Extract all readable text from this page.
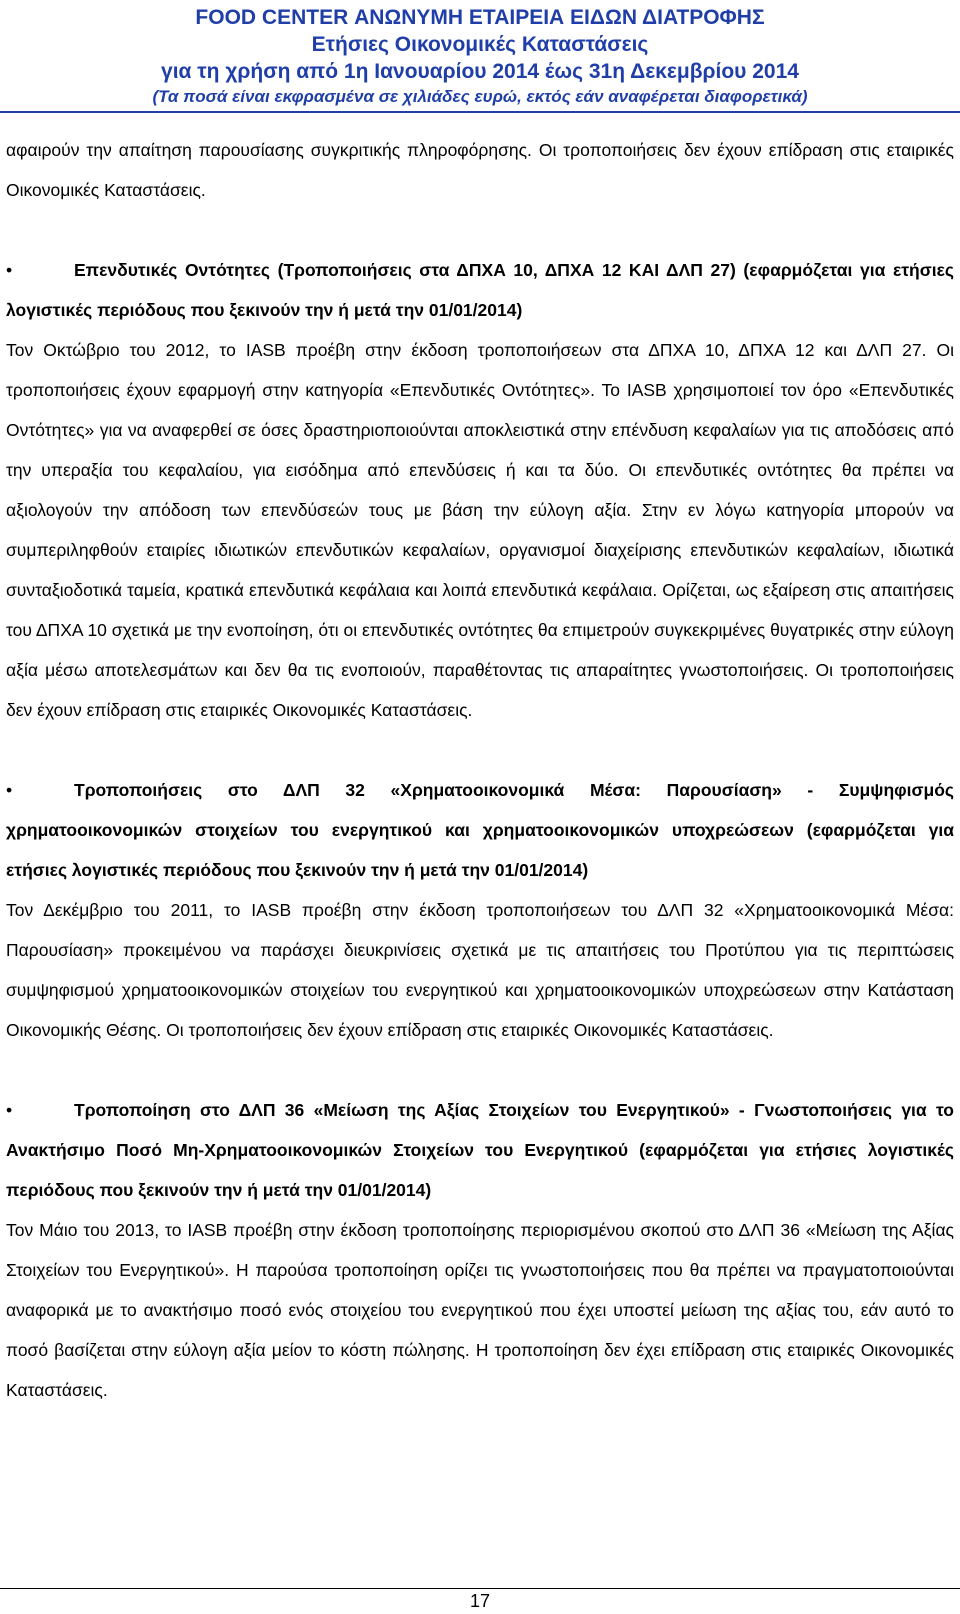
FOOD CENTER ΑΝΩΝΥΜΗ ΕΤΑΙΡΕΙΑ ΕΙΔΩΝ ΔΙΑΤΡΟΦΗΣ
Ετήσιες Οικονομικές Καταστάσεις
για τη χρήση από 1η Ιανουαρίου 2014 έως 31η Δεκεμβρίου 2014
(Τα ποσά είναι εκφρασμένα σε χιλιάδες ευρώ, εκτός εάν αναφέρεται διαφορετικά)

αφαιρούν την απαίτηση παρουσίασης συγκριτικής πληροφόρησης. Οι τροποποιήσεις δεν έχουν επίδραση στις εταιρικές Οικονομικές Καταστάσεις.

•	Επενδυτικές Οντότητες (Τροποποιήσεις στα ΔΠΧΑ 10, ΔΠΧΑ 12 ΚΑΙ ΔΛΠ 27) (εφαρμόζεται για ετήσιες λογιστικές περιόδους που ξεκινούν την ή μετά την 01/01/2014)

Τον Οκτώβριο του 2012, το IASB προέβη στην έκδοση τροποποιήσεων στα ΔΠΧΑ 10, ΔΠΧΑ 12 και ΔΛΠ 27. Οι τροποποιήσεις έχουν εφαρμογή στην κατηγορία «Επενδυτικές Οντότητες». Το IASB χρησιμοποιεί τον όρο «Επενδυτικές Οντότητες» για να αναφερθεί σε όσες δραστηριοποιούνται αποκλειστικά στην επένδυση κεφαλαίων για τις αποδόσεις από την υπεραξία του κεφαλαίου, για εισόδημα από επενδύσεις ή και τα δύο. Οι επενδυτικές οντότητες θα πρέπει να αξιολογούν την απόδοση των επενδύσεών τους με βάση την εύλογη αξία. Στην εν λόγω κατηγορία μπορούν να συμπεριληφθούν εταιρίες ιδιωτικών επενδυτικών κεφαλαίων, οργανισμοί διαχείρισης επενδυτικών κεφαλαίων, ιδιωτικά συνταξιοδοτικά ταμεία, κρατικά επενδυτικά κεφάλαια και λοιπά επενδυτικά κεφάλαια. Ορίζεται, ως εξαίρεση στις απαιτήσεις του ΔΠΧΑ 10 σχετικά με την ενοποίηση, ότι οι επενδυτικές οντότητες θα επιμετρούν συγκεκριμένες θυγατρικές στην εύλογη αξία μέσω αποτελεσμάτων και δεν θα τις ενοποιούν, παραθέτοντας τις απαραίτητες γνωστοποιήσεις. Οι τροποποιήσεις δεν έχουν επίδραση στις εταιρικές Οικονομικές Καταστάσεις.

•	Τροποποιήσεις στο ΔΛΠ 32 «Χρηματοοικονομικά Μέσα: Παρουσίαση» - Συμψηφισμός χρηματοοικονομικών στοιχείων του ενεργητικού και χρηματοοικονομικών υποχρεώσεων (εφαρμόζεται για ετήσιες λογιστικές περιόδους που ξεκινούν την ή μετά την 01/01/2014)

Τον Δεκέμβριο του 2011, το IASB προέβη στην έκδοση τροποποιήσεων του ΔΛΠ 32 «Χρηματοοικονομικά Μέσα: Παρουσίαση» προκειμένου να παράσχει διευκρινίσεις σχετικά με τις απαιτήσεις του Προτύπου για τις περιπτώσεις συμψηφισμού χρηματοοικονομικών στοιχείων του ενεργητικού και χρηματοοικονομικών υποχρεώσεων στην Κατάσταση Οικονομικής Θέσης. Οι τροποποιήσεις δεν έχουν επίδραση στις εταιρικές Οικονομικές Καταστάσεις.

•	Τροποποίηση στο ΔΛΠ 36 «Μείωση της Αξίας Στοιχείων του Ενεργητικού» - Γνωστοποιήσεις για το Ανακτήσιμο Ποσό Μη-Χρηματοοικονομικών Στοιχείων του Ενεργητικού (εφαρμόζεται για ετήσιες λογιστικές περιόδους που ξεκινούν την ή μετά την 01/01/2014)

Τον Μάιο του 2013, το IASB προέβη στην έκδοση τροποποίησης περιορισμένου σκοπού στο ΔΛΠ 36 «Μείωση της Αξίας Στοιχείων του Ενεργητικού». Η παρούσα τροποποίηση ορίζει τις γνωστοποιήσεις που θα πρέπει να πραγματοποιούνται αναφορικά με το ανακτήσιμο ποσό ενός στοιχείου του ενεργητικού που έχει υποστεί μείωση της αξίας του, εάν αυτό το ποσό βασίζεται στην εύλογη αξία μείον το κόστη πώλησης. Η τροποποίηση δεν έχει επίδραση στις εταιρικές Οικονομικές Καταστάσεις.

17
